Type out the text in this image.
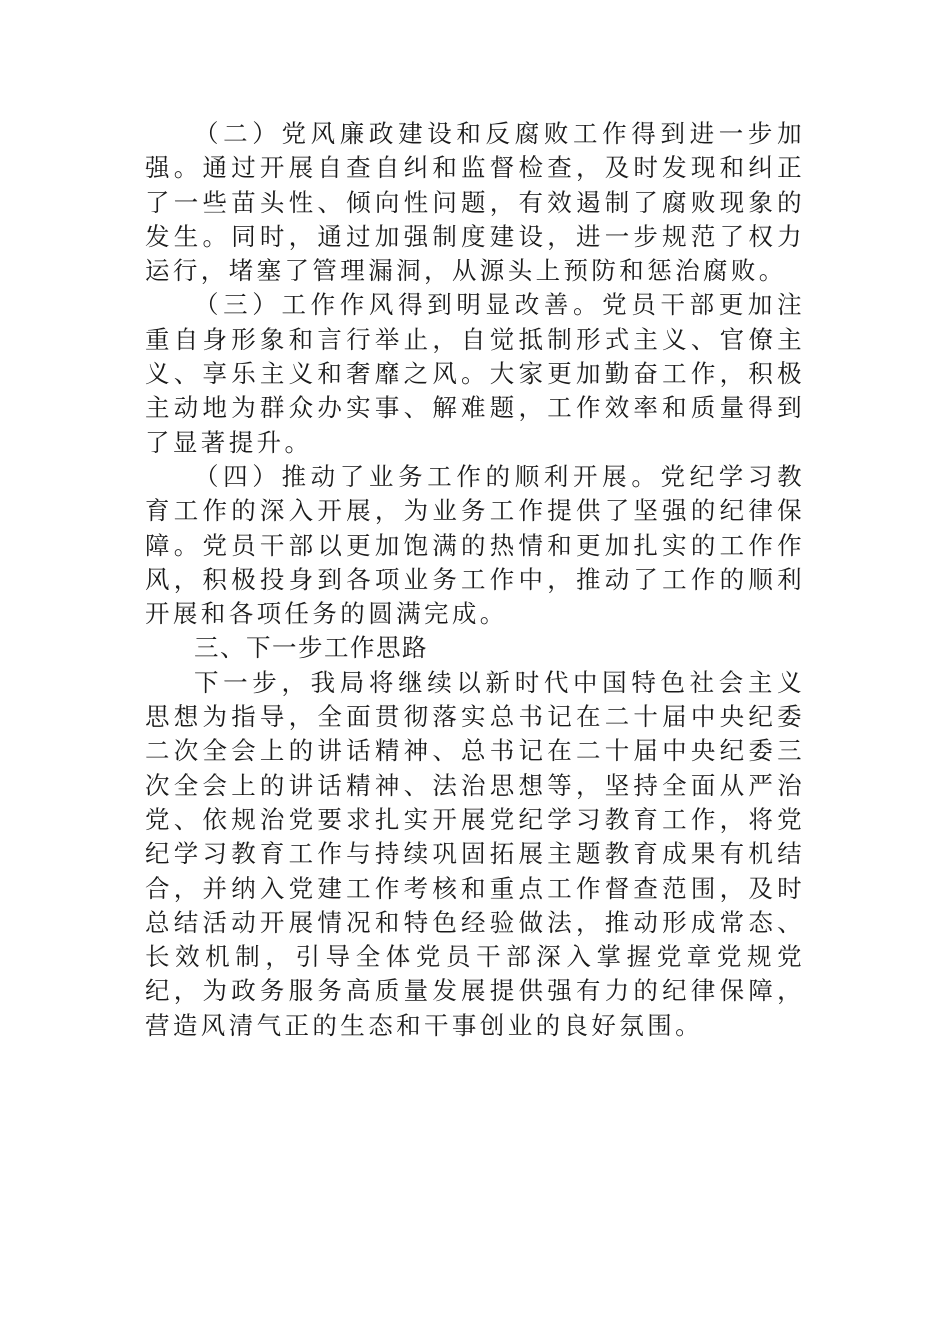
（二）党风廉政建设和反腐败工作得到进一步加强。通过开展自查自纠和监督检查，及时发现和纠正了一些苗头性、倾向性问题，有效遏制了腐败现象的发生。同时，通过加强制度建设，进一步规范了权力运行，堵塞了管理漏洞，从源头上预防和惩治腐败。

（三）工作作风得到明显改善。党员干部更加注重自身形象和言行举止，自觉抵制形式主义、官僚主义、享乐主义和奢靡之风。大家更加勤奋工作，积极主动地为群众办实事、解难题，工作效率和质量得到了显著提升。

（四）推动了业务工作的顺利开展。党纪学习教育工作的深入开展，为业务工作提供了坚强的纪律保障。党员干部以更加饱满的热情和更加扎实的工作作风，积极投身到各项业务工作中，推动了工作的顺利开展和各项任务的圆满完成。

三、下一步工作思路

下一步，我局将继续以新时代中国特色社会主义思想为指导，全面贯彻落实总书记在二十届中央纪委二次全会上的讲话精神、总书记在二十届中央纪委三次全会上的讲话精神、法治思想等，坚持全面从严治党、依规治党要求扎实开展党纪学习教育工作，将党纪学习教育工作与持续巩固拓展主题教育成果有机结合，并纳入党建工作考核和重点工作督查范围，及时总结活动开展情况和特色经验做法，推动形成常态、长效机制，引导全体党员干部深入掌握党章党规党纪，为政务服务高质量发展提供强有力的纪律保障，营造风清气正的生态和干事创业的良好氛围。
